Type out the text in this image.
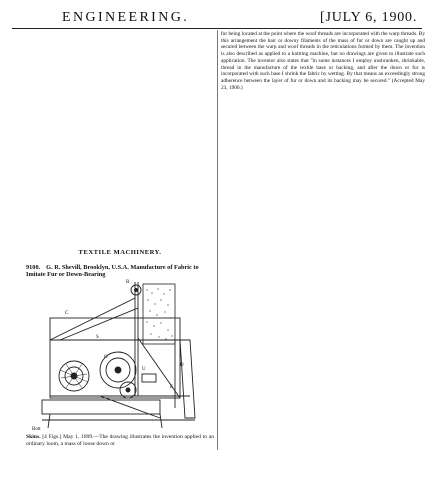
ENGINEERING.	[JULY 6, 1900.
fur being located at the point where the woof threads are incorporated with the warp threads. By this arrangement the hair or downy filaments of the mass of fur or down are caught up and secured between the warp and woof threads in the reticulations formed by them. The invention is also described as applied to a knitting machine, but no drawings are given to illustrate such application. The inventor also states that "in some instances I employ unshrunken, shrinkable, thread in the manufacture of the textile base or backing, and after the down or fur is incorporated with such base I shrink the fabric by wetting. By that means an exceedingly strong adherence between the layer of fur or down and its backing may be secured." (Accepted May 23, 1900.)

TEXTILE MACHINERY.

9100. G. R. Shevill, Brooklyn, U.S.A. Manufacture of Fabric to Imitate Fur or Down-Bearing
B
D
C
S
O
U
E
Bott
Skins. [4 Figs.] May 1, 1899.—The drawing illustrates the invention applied to an ordinary loom, a mass of loose down or
